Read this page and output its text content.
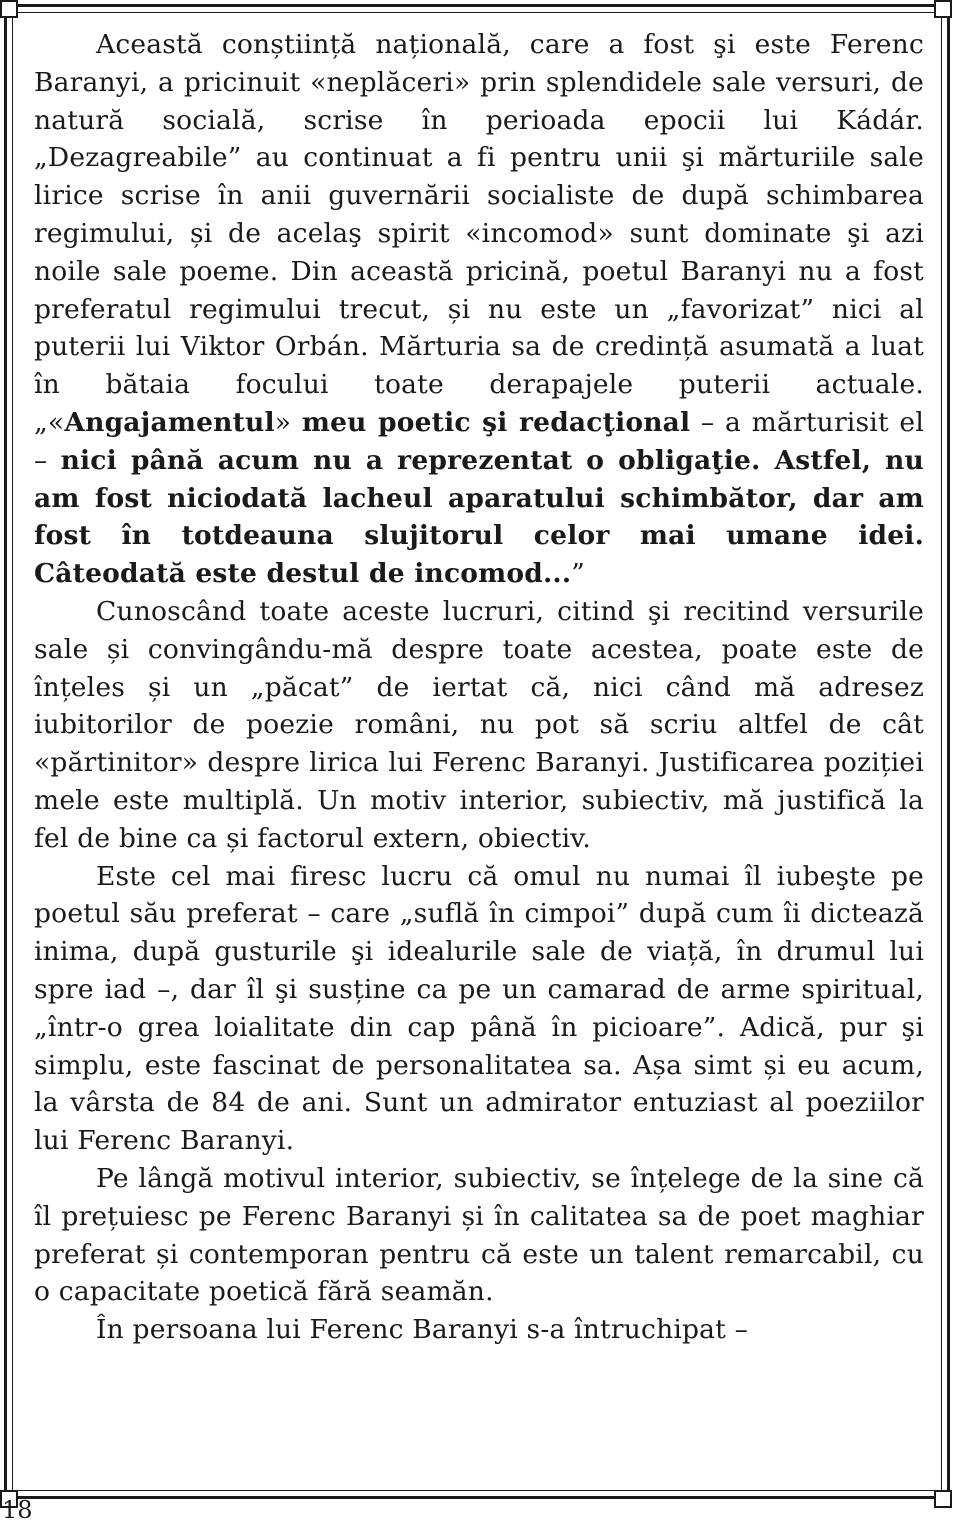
Această conștiință națională, care a fost şi este Ferenc Baranyi, a pricinuit «neplăceri» prin splendidele sale versuri, de natură socială, scrise în perioada epocii lui Kádár. „Dezagreabile” au continuat a fi pentru unii şi mărturiile sale lirice scrise în anii guvernării socialiste de după schimbarea regimului, și de acelaş spirit «incomod» sunt dominate şi azi noile sale poeme. Din această pricină, poetul Baranyi nu a fost preferatul regimului trecut, și nu este un „favorizat” nici al puterii lui Viktor Orbán. Mărturia sa de credință asumată a luat în bătaia focului toate derapajele puterii actuale. „«Angajamentul» meu poetic şi redacţional – a mărturisit el – nici până acum nu a reprezentat o obligaţie. Astfel, nu am fost niciodată lacheul aparatului schimbător, dar am fost în totdeauna slujitorul celor mai umane idei. Câteodată este destul de incomod...”

Cunoscând toate aceste lucruri, citind şi recitind versurile sale și convingându-mă despre toate acestea, poate este de înțeles și un „păcat” de iertat că, nici când mă adresez iubitorilor de poezie români, nu pot să scriu altfel de cât «părtinitor» despre lirica lui Ferenc Baranyi. Justificarea poziției mele este multiplă. Un motiv interior, subiectiv, mă justifică la fel de bine ca și factorul extern, obiectiv.

Este cel mai firesc lucru că omul nu numai îl iubeşte pe poetul său preferat – care „suflă în cimpoi” după cum îi dictează inima, după gusturile şi idealurile sale de viață, în drumul lui spre iad –, dar îl şi susține ca pe un camarad de arme spiritual, „într-o grea loialitate din cap până în picioare”. Adică, pur şi simplu, este fascinat de personalitatea sa. Așa simt și eu acum, la vârsta de 84 de ani. Sunt un admirator entuziast al poeziilor lui Ferenc Baranyi.

Pe lângă motivul interior, subiectiv, se înțelege de la sine că îl prețuiesc pe Ferenc Baranyi și în calitatea sa de poet maghiar preferat și contemporan pentru că este un talent remarcabil, cu o capacitate poetică fără seamăn.

În persoana lui Ferenc Baranyi s-a întruchipat –

18
